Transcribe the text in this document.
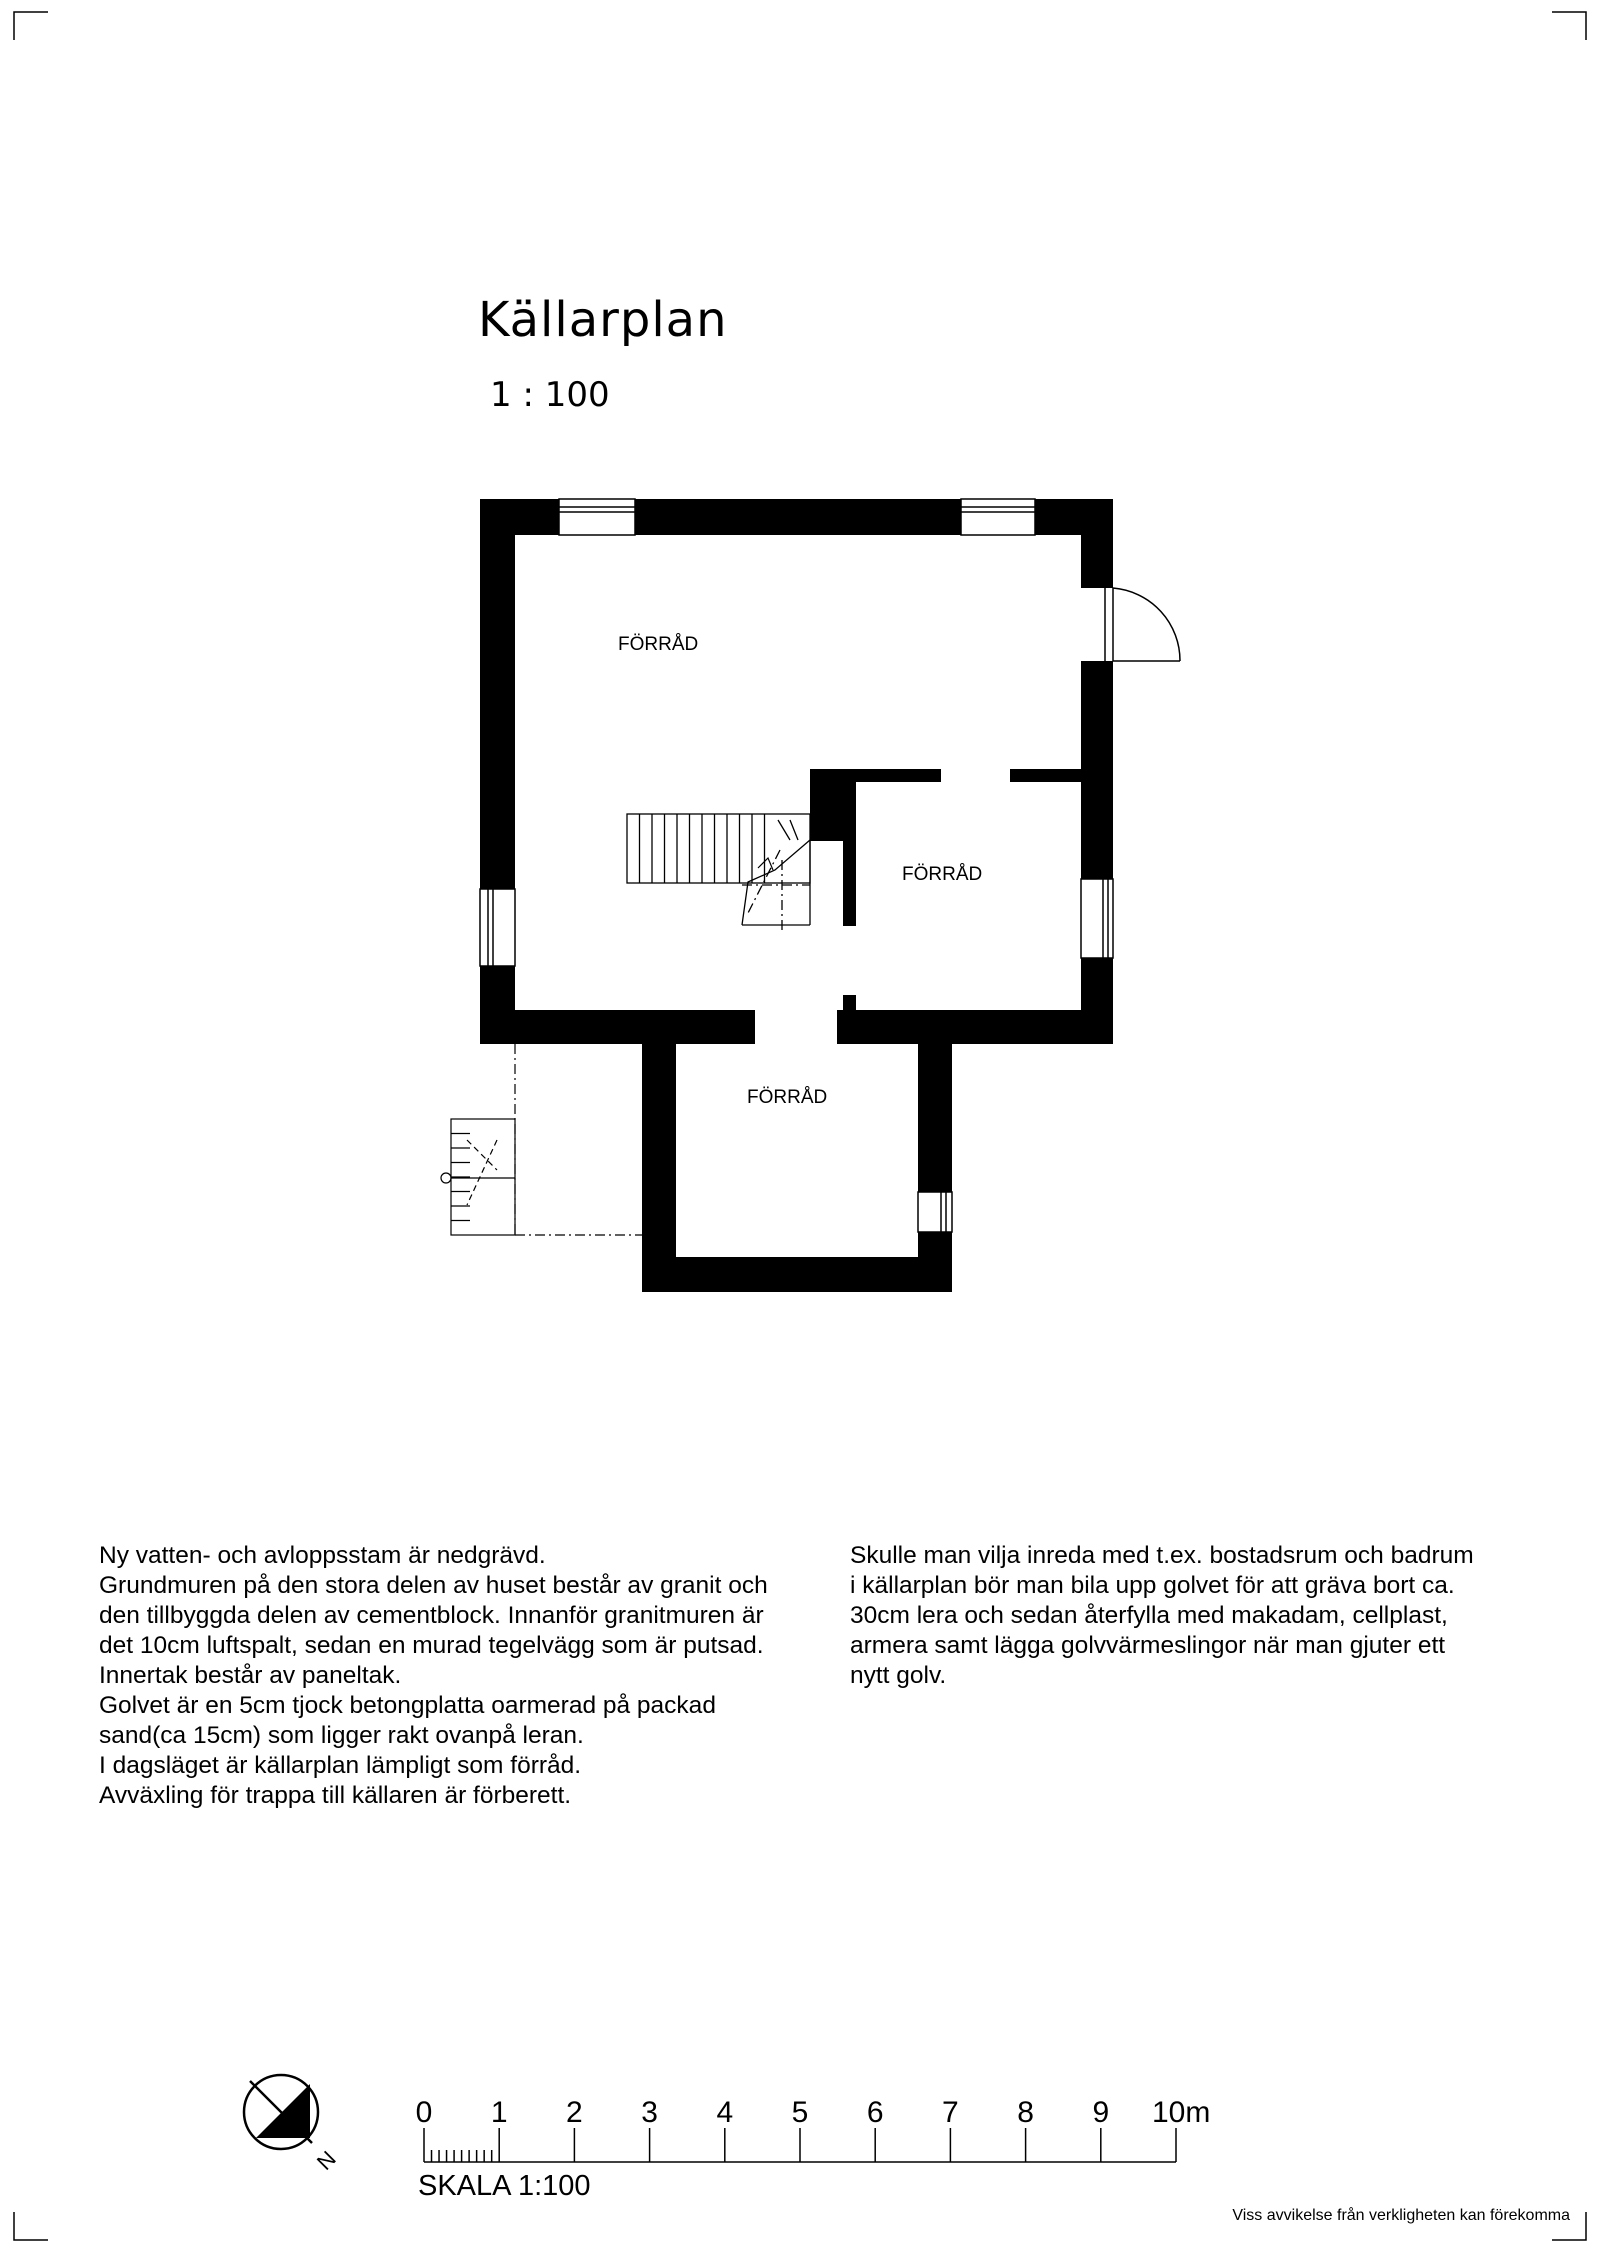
Källarplan

1 : 100

FÖRRÅD
FÖRRÅD
FÖRRÅD
Ny vatten- och avloppsstam är nedgrävd.
Grundmuren på den stora delen av huset består av granit och
den tillbyggda delen av cementblock. Innanför granitmuren är
det 10cm luftspalt, sedan en murad tegelvägg som är putsad.
Innertak består av paneltak.
Golvet är en 5cm tjock betongplatta oarmerad på packad
sand(ca 15cm) som ligger rakt ovanpå leran.
I dagsläget är källarplan lämpligt som förråd.
Avväxling för trappa till källaren är förberett.
Skulle man vilja inreda med t.ex. bostadsrum och badrum
i källarplan bör man bila upp golvet för att gräva bort ca.
30cm lera och sedan återfylla med makadam, cellplast,
armera samt lägga golvvärmeslingor när man gjuter ett
nytt golv.
N
0 1 2 3 4 5 6 7 8 9 10m

SKALA 1:100

Viss avvikelse från verkligheten kan förekomma
